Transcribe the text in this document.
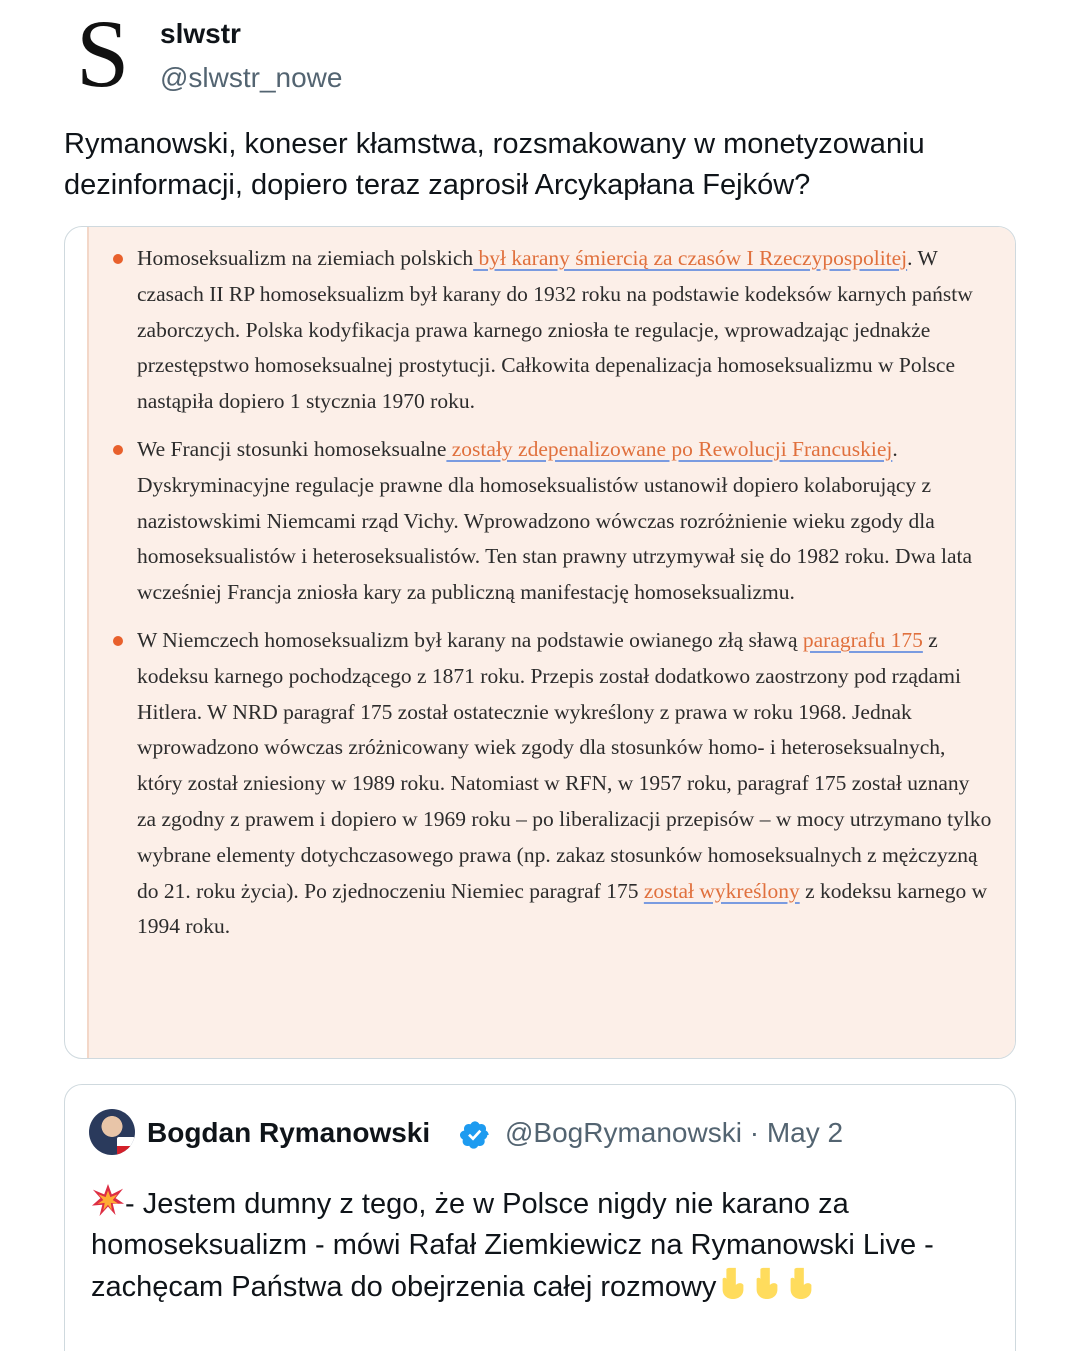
S	slwstr
@slwstr_nowe
Rymanowski, koneser kłamstwa, rozsmakowany w monetyzowaniu dezinformacji, dopiero teraz zaprosił Arcykapłana Fejków?
Homoseksualizm na ziemiach polskich był karany śmiercią za czasów I Rzeczypospolitej. W czasach II RP homoseksualizm był karany do 1932 roku na podstawie kodeksów karnych państw zaborczych. Polska kodyfikacja prawa karnego zniosła te regulacje, wprowadzając jednakże przestępstwo homoseksualnej prostytucji. Całkowita depenalizacja homoseksualizmu w Polsce nastąpiła dopiero 1 stycznia 1970 roku.
We Francji stosunki homoseksualne zostały zdepenalizowane po Rewolucji Francuskiej. Dyskryminacyjne regulacje prawne dla homoseksualistów ustanowił dopiero kolaborujący z nazistowskimi Niemcami rząd Vichy. Wprowadzono wówczas rozróżnienie wieku zgody dla homoseksualistów i heteroseksualistów. Ten stan prawny utrzymywał się do 1982 roku. Dwa lata wcześniej Francja zniosła kary za publiczną manifestację homoseksualizmu.
W Niemczech homoseksualizm był karany na podstawie owianego złą sławą paragrafu 175 z kodeksu karnego pochodzącego z 1871 roku. Przepis został dodatkowo zaostrzony pod rządami Hitlera. W NRD paragraf 175 został ostatecznie wykreślony z prawa w roku 1968. Jednak wprowadzono wówczas zróżnicowany wiek zgody dla stosunków homo- i heteroseksualnych, który został zniesiony w 1989 roku. Natomiast w RFN, w 1957 roku, paragraf 175 został uznany za zgodny z prawem i dopiero w 1969 roku – po liberalizacji przepisów – w mocy utrzymano tylko wybrane elementy dotychczasowego prawa (np. zakaz stosunków homoseksualnych z mężczyzną do 21. roku życia). Po zjednoczeniu Niemiec paragraf 175 został wykreślony z kodeksu karnego w 1994 roku.
Bogdan Rymanowski	@BogRymanowski · May 2
- Jestem dumny z tego, że w Polsce nigdy nie karano za homoseksualizm - mówi Rafał Ziemkiewicz na Rymanowski Live - zachęcam Państwa do obejrzenia całej rozmowy
